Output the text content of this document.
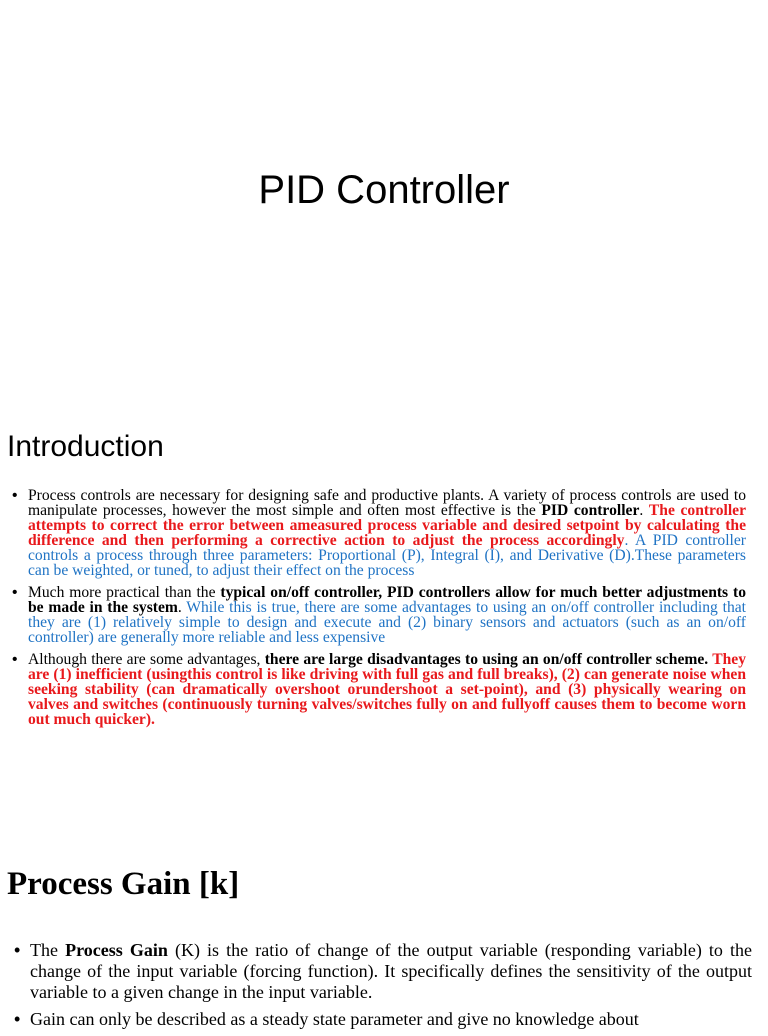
PID Controller
Introduction
• Process controls are necessary for designing safe and productive plants. A variety of process controls are used to manipulate processes, however the most simple and often most effective is the PID controller. The controller attempts to correct the error between ameasured process variable and desired setpoint by calculating the difference and then performing a corrective action to adjust the process accordingly. A PID controller controls a process through three parameters: Proportional (P), Integral (I), and Derivative (D).These parameters can be weighted, or tuned, to adjust their effect on the process
• Much more practical than the typical on/off controller, PID controllers allow for much better adjustments to be made in the system. While this is true, there are some advantages to using an on/off controller including that they are (1) relatively simple to design and execute and (2) binary sensors and actuators (such as an on/off controller) are generally more reliable and less expensive
• Although there are some advantages, there are large disadvantages to using an on/off controller scheme. They are (1) inefficient (usingthis control is like driving with full gas and full breaks), (2) can generate noise when seeking stability (can dramatically overshoot orundershoot a set-point), and (3) physically wearing on valves and switches (continuously turning valves/switches fully on and fullyoff causes them to become worn out much quicker).
Process Gain [k]
• The Process Gain (K) is the ratio of change of the output variable (responding variable) to the change of the input variable (forcing function). It specifically defines the sensitivity of the output variable to a given change in the input variable.
• Gain can only be described as a steady state parameter and give no knowledge about
